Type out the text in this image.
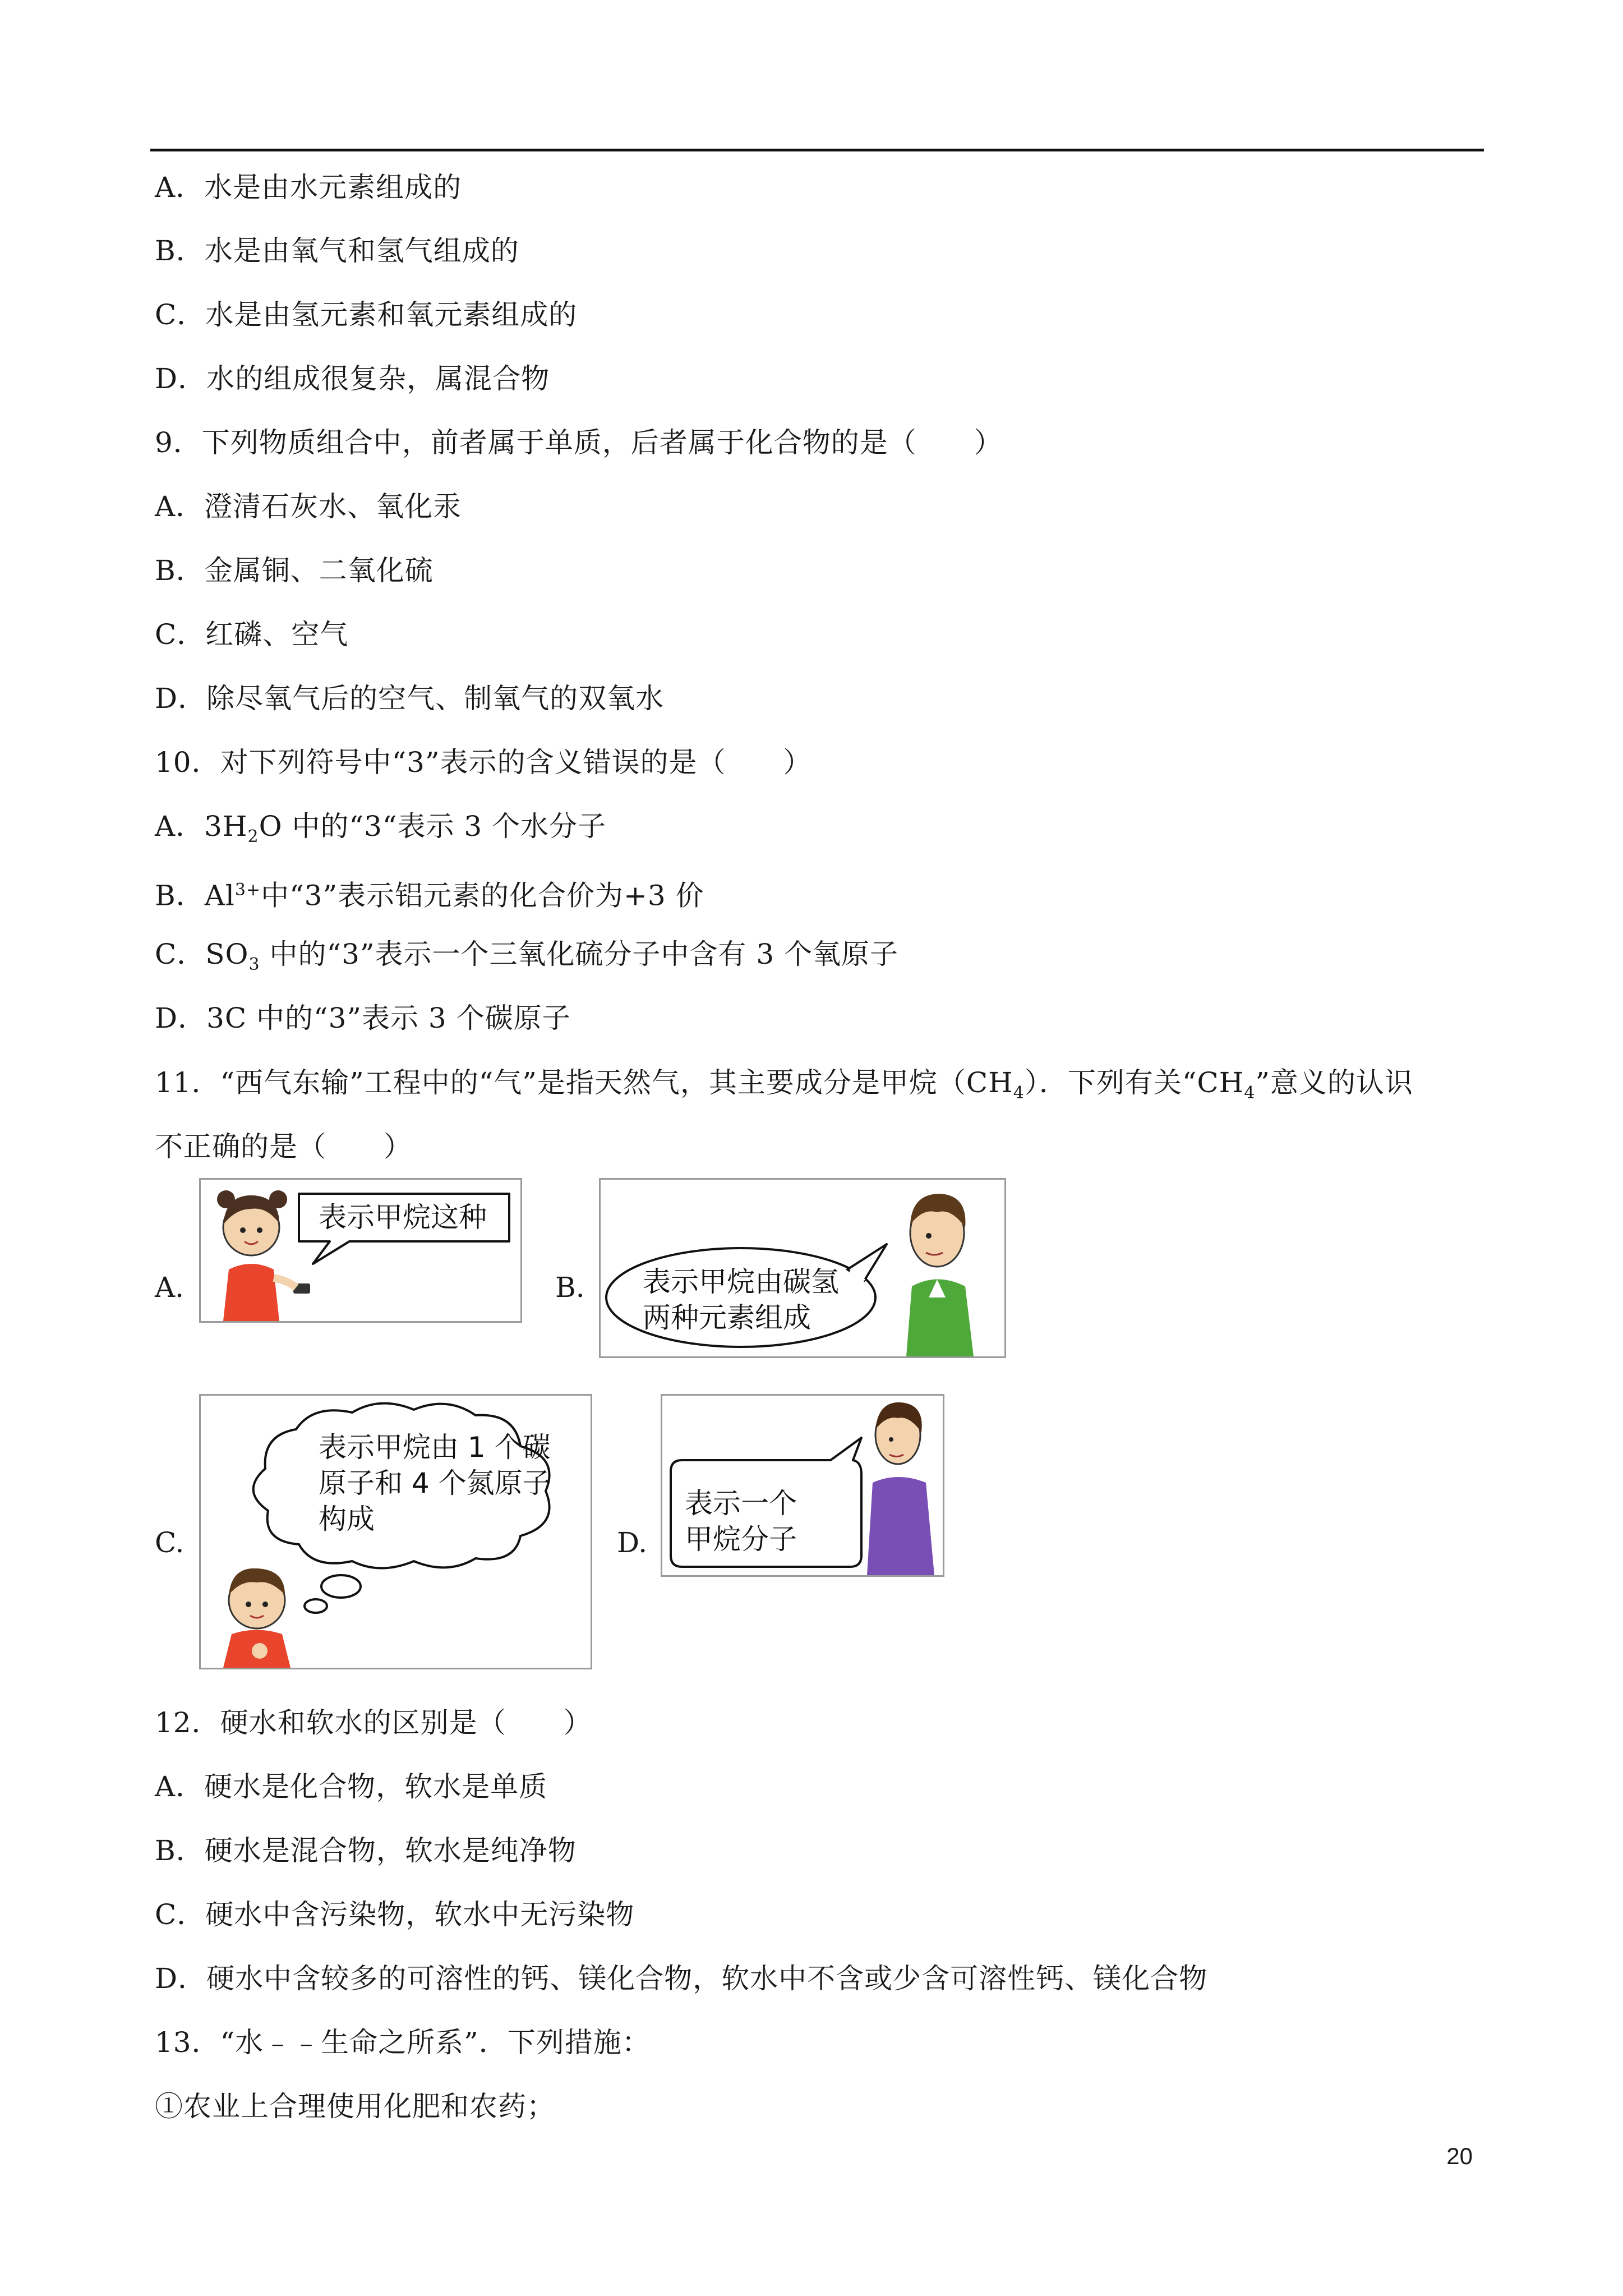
A．水是由水元素组成的
B．水是由氧气和氢气组成的
C．水是由氢元素和氧元素组成的
D．水的组成很复杂，属混合物
9．下列物质组合中，前者属于单质，后者属于化合物的是（　　）
A．澄清石灰水、氧化汞
B．金属铜、二氧化硫
C．红磷、空气
D．除尽氧气后的空气、制氧气的双氧水
10．对下列符号中“3”表示的含义错误的是（　　）
A．$3H_2O$ 中的“3“表示 3 个水分子
B．$Al^{3+}$中“3”表示铝元素的化合价为+3 价
C．$SO_3$ 中的“3”表示一个三氧化硫分子中含有 3 个氧原子
D．3C 中的“3”表示 3 个碳原子
11．“西气东输”工程中的“气”是指天然气，其主要成分是甲烷$(CH_4)$．下列有关“$CH_4$”意义的认识
不正确的是（　　）
A.
表示甲烷这种
B. 表示甲烷由碳氢
两种元素组成
C.
表示甲烷由 1 个碳
原子和 4 个氮原子
构成
D.
表示一个
甲烷分子
12．硬水和软水的区别是（　　）
A．硬水是化合物，软水是单质
B．硬水是混合物，软水是纯净物
C．硬水中含污染物，软水中无污染物
D．硬水中含较多的可溶性的钙、镁化合物，软水中不含或少含可溶性钙、镁化合物
13．“水﹣﹣生命之所系”．下列措施：
①农业上合理使用化肥和农药；
20
